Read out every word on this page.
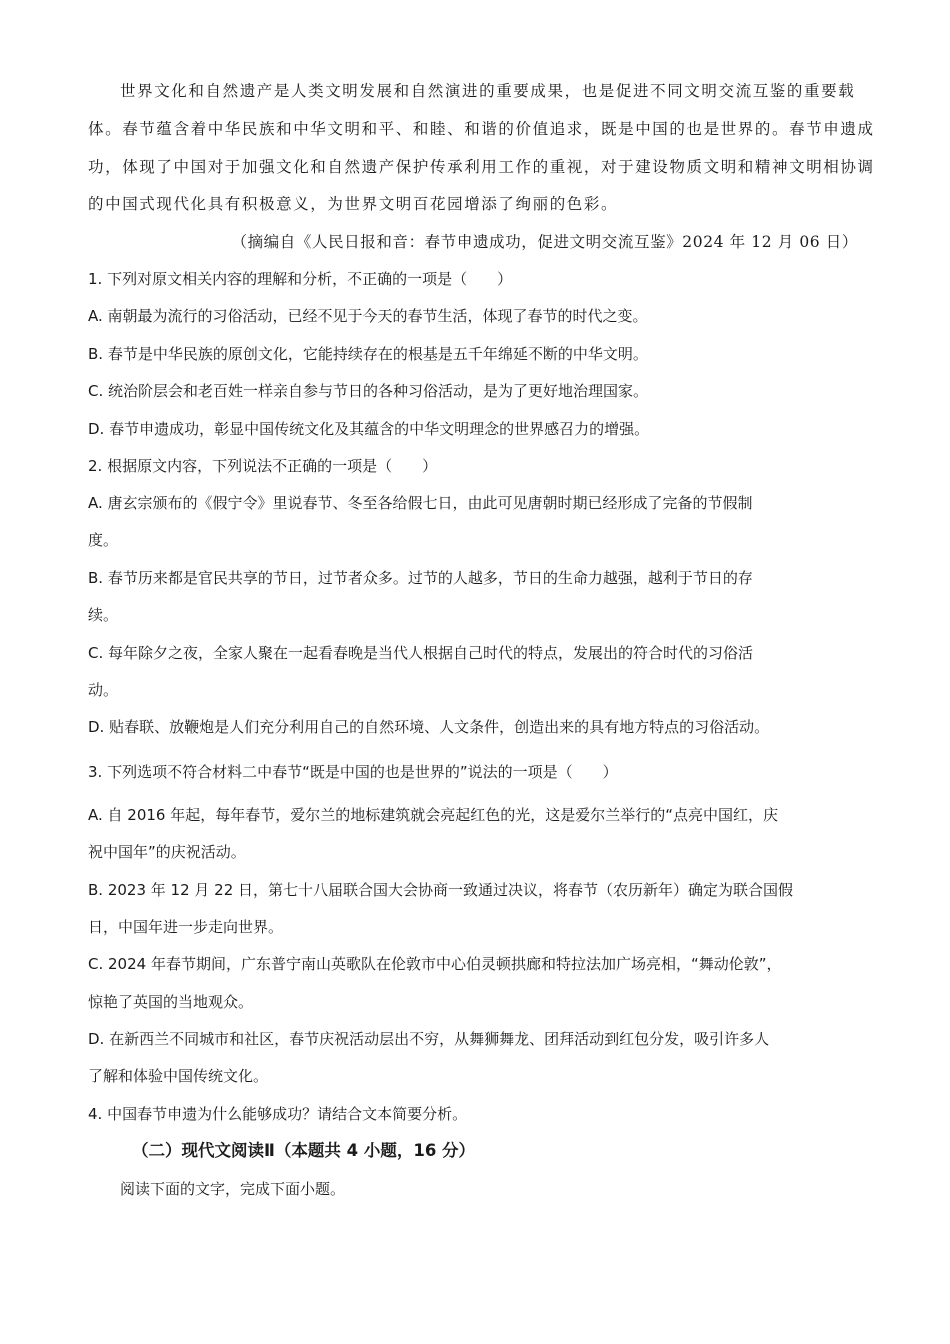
世界文化和自然遗产是人类文明发展和自然演进的重要成果，也是促进不同文明交流互鉴的重要载
体。春节蕴含着中华民族和中华文明和平、和睦、和谐的价值追求，既是中国的也是世界的。春节申遗成
功，体现了中国对于加强文化和自然遗产保护传承利用工作的重视，对于建设物质文明和精神文明相协调
的中国式现代化具有积极意义，为世界文明百花园增添了绚丽的色彩。
（摘编自《人民日报和音：春节申遗成功，促进文明交流互鉴》2024 年 12 月 06 日）
1. 下列对原文相关内容的理解和分析，不正确的一项是（　　）
A. 南朝最为流行的习俗活动，已经不见于今天的春节生活，体现了春节的时代之变。
B. 春节是中华民族的原创文化，它能持续存在的根基是五千年绵延不断的中华文明。
C. 统治阶层会和老百姓一样亲自参与节日的各种习俗活动，是为了更好地治理国家。
D. 春节申遗成功，彰显中国传统文化及其蕴含的中华文明理念的世界感召力的增强。
2. 根据原文内容，下列说法不正确的一项是（　　）
A. 唐玄宗颁布的《假宁令》里说春节、冬至各给假七日，由此可见唐朝时期已经形成了完备的节假制
度。
B. 春节历来都是官民共享的节日，过节者众多。过节的人越多，节日的生命力越强，越利于节日的存
续。
C. 每年除夕之夜，全家人聚在一起看春晚是当代人根据自己时代的特点，发展出的符合时代的习俗活
动。
D. 贴春联、放鞭炮是人们充分利用自己的自然环境、人文条件，创造出来的具有地方特点的习俗活动。
3. 下列选项不符合材料二中春节“既是中国的也是世界的”说法的一项是（　　）
A. 自 2016 年起，每年春节，爱尔兰的地标建筑就会亮起红色的光，这是爱尔兰举行的“点亮中国红，庆
祝中国年”的庆祝活动。
B. 2023 年 12 月 22 日，第七十八届联合国大会协商一致通过决议，将春节（农历新年）确定为联合国假
日，中国年进一步走向世界。
C. 2024 年春节期间，广东普宁南山英歌队在伦敦市中心伯灵顿拱廊和特拉法加广场亮相，“舞动伦敦”，
惊艳了英国的当地观众。
D. 在新西兰不同城市和社区，春节庆祝活动层出不穷，从舞狮舞龙、团拜活动到红包分发，吸引许多人
了解和体验中国传统文化。
4. 中国春节申遗为什么能够成功？请结合文本简要分析。
（二）现代文阅读Ⅱ（本题共 4 小题，16 分）
阅读下面的文字，完成下面小题。
